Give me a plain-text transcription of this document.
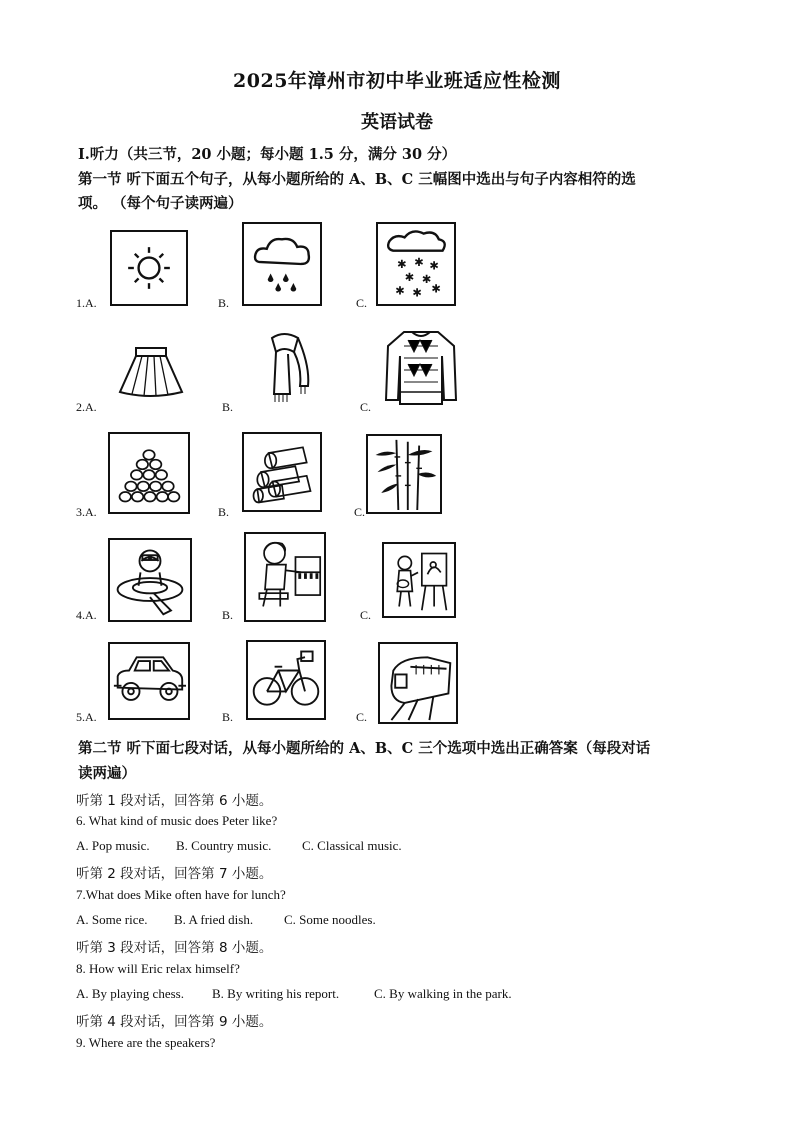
2025年漳州市初中毕业班适应性检测
英语试卷
Ⅰ.听力（共三节，20 小题；每小题 1.5 分，满分 30 分）
第一节 听下面五个句子，从每小题所给的 A、B、C 三幅图中选出与句子内容相符的选
项。 （每个句子读两遍）
1.A.	B.	C.
✱ ✱ ✱
✱ ✱
✱ ✱ ✱
2.A.	B.	C.
3.A.	B.	C.
4.A.	B.	C.
5.A.	B.	C.
第二节 听下面七段对话，从每小题所给的 A、B、C 三个选项中选出正确答案（每段对话
读两遍）
听第 1 段对话，回答第 6 小题。
6. What kind of music does Peter like?
A. Pop music. B. Country music. C. Classical music.
听第 2 段对话，回答第 7 小题。
7.What does Mike often have for lunch?
A. Some rice. B. A fried dish. C. Some noodles.
听第 3 段对话，回答第 8 小题。
8. How will Eric relax himself?
A. By playing chess. B. By writing his report.	C. By walking in the park.
听第 4 段对话，回答第 9 小题。
9. Where are the speakers?
